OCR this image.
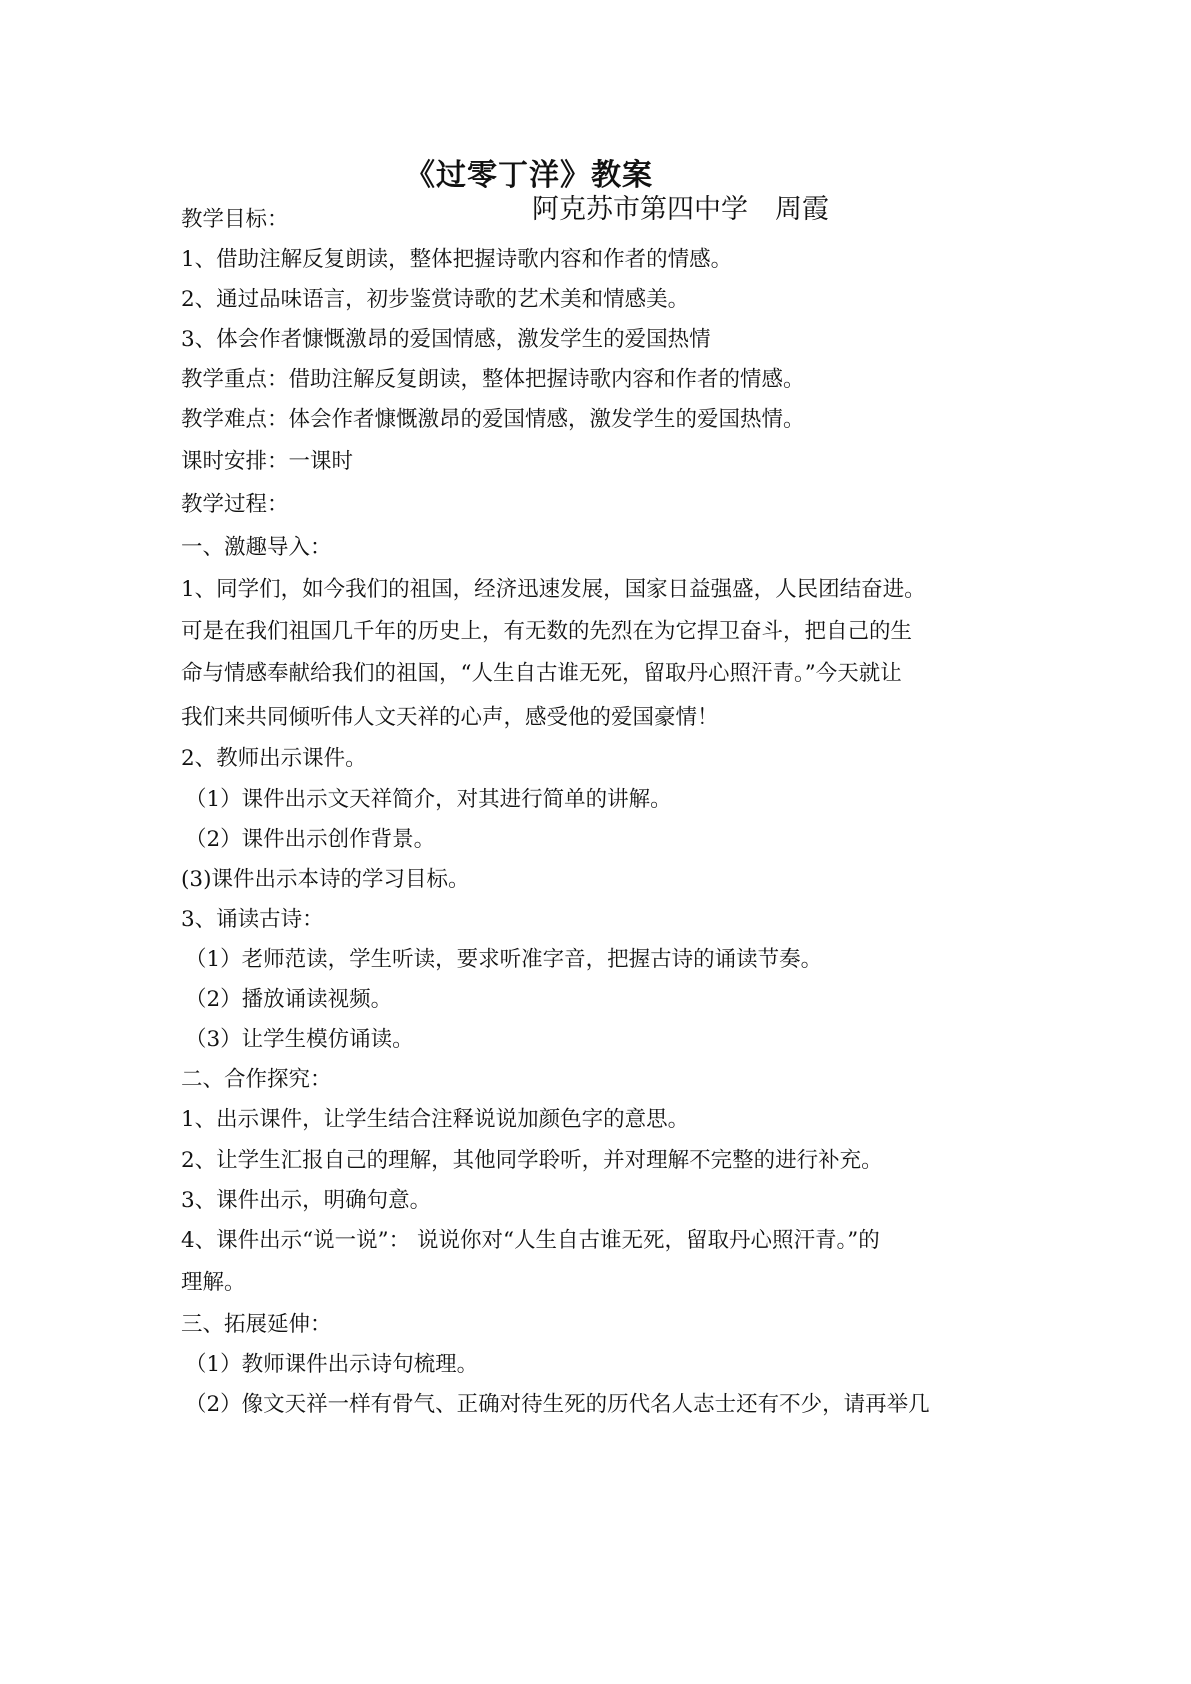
《过零丁洋》教案
阿克苏市第四中学　周霞
教学目标：
1、借助注解反复朗读，整体把握诗歌内容和作者的情感。
2、通过品味语言，初步鉴赏诗歌的艺术美和情感美。
3、体会作者慷慨激昂的爱国情感，激发学生的爱国热情
教学重点：借助注解反复朗读，整体把握诗歌内容和作者的情感。
教学难点：体会作者慷慨激昂的爱国情感，激发学生的爱国热情。
课时安排：一课时
教学过程：
一、激趣导入：
1、同学们，如今我们的祖国，经济迅速发展，国家日益强盛，人民团结奋进。
可是在我们祖国几千年的历史上，有无数的先烈在为它捍卫奋斗，把自己的生
命与情感奉献给我们的祖国，“人生自古谁无死，留取丹心照汗青。”今天就让
我们来共同倾听伟人文天祥的心声，感受他的爱国豪情！
2、教师出示课件。
（1）课件出示文天祥简介，对其进行简单的讲解。
（2）课件出示创作背景。
(3)课件出示本诗的学习目标。
3、诵读古诗：
（1）老师范读，学生听读，要求听准字音，把握古诗的诵读节奏。
（2）播放诵读视频。
（3）让学生模仿诵读。
二、合作探究：
1、出示课件，让学生结合注释说说加颜色字的意思。
2、让学生汇报自己的理解，其他同学聆听，并对理解不完整的进行补充。
3、课件出示，明确句意。
4、课件出示“说一说”： 说说你对“人生自古谁无死，留取丹心照汗青。”的
理解。
三、拓展延伸：
（1）教师课件出示诗句梳理。
（2）像文天祥一样有骨气、正确对待生死的历代名人志士还有不少，请再举几
